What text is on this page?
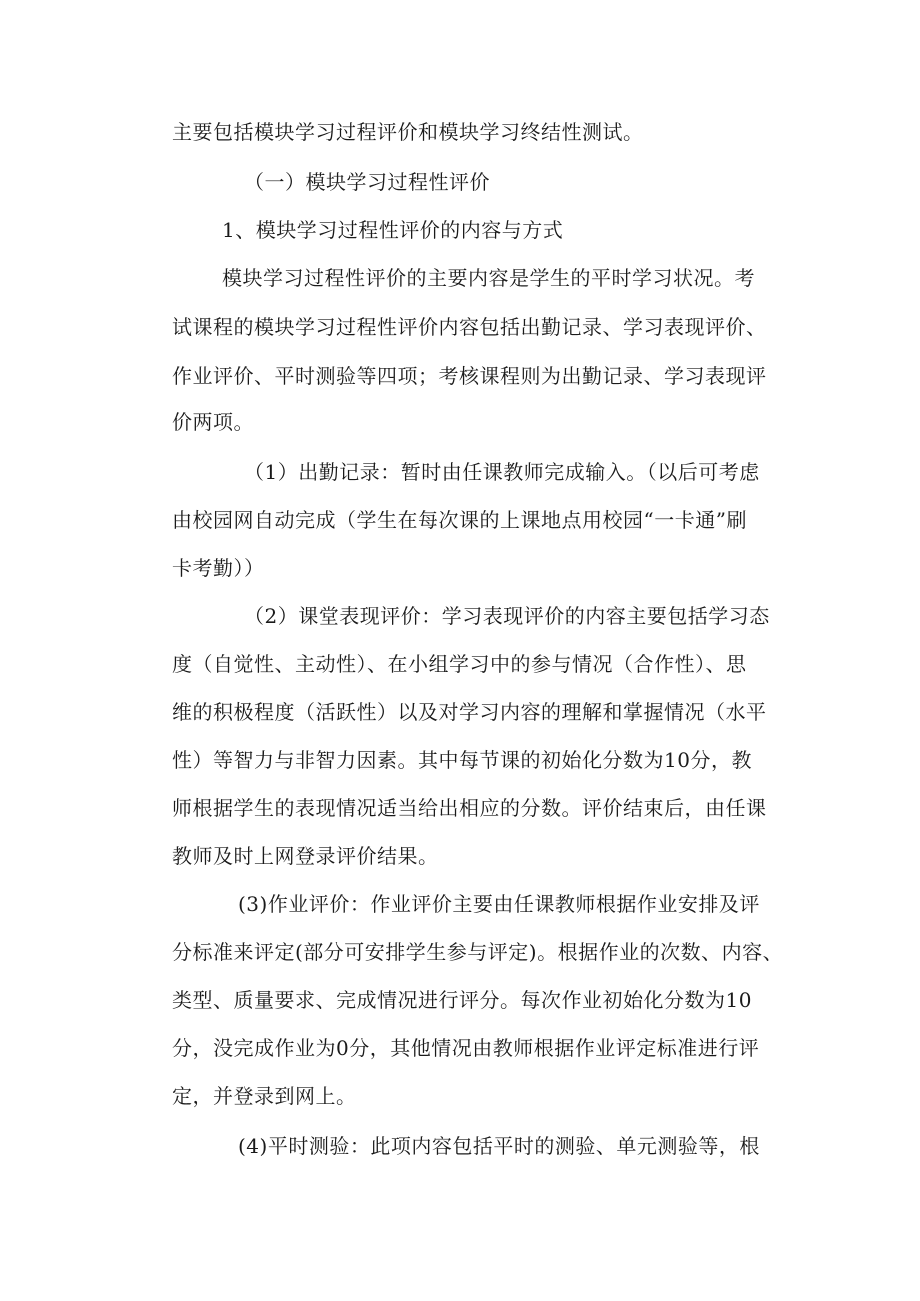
主要包括模块学习过程评价和模块学习终结性测试。
（一）模块学习过程性评价
1、模块学习过程性评价的内容与方式
模块学习过程性评价的主要内容是学生的平时学习状况。考
试课程的模块学习过程性评价内容包括出勤记录、学习表现评价、
作业评价、平时测验等四项；考核课程则为出勤记录、学习表现评
价两项。
（1）出勤记录：暂时由任课教师完成输入。（以后可考虑
由校园网自动完成（学生在每次课的上课地点用校园“一卡通”刷
卡考勤））
（2）课堂表现评价：学习表现评价的内容主要包括学习态
度（自觉性、主动性）、在小组学习中的参与情况（合作性）、思
维的积极程度（活跃性）以及对学习内容的理解和掌握情况（水平
性）等智力与非智力因素。其中每节课的初始化分数为10分，教
师根据学生的表现情况适当给出相应的分数。评价结束后，由任课
教师及时上网登录评价结果。
(3)作业评价：作业评价主要由任课教师根据作业安排及评
分标准来评定(部分可安排学生参与评定)。根据作业的次数、内容、
类型、质量要求、完成情况进行评分。每次作业初始化分数为10
分，没完成作业为0分，其他情况由教师根据作业评定标准进行评
定，并登录到网上。
(4)平时测验：此项内容包括平时的测验、单元测验等，根
